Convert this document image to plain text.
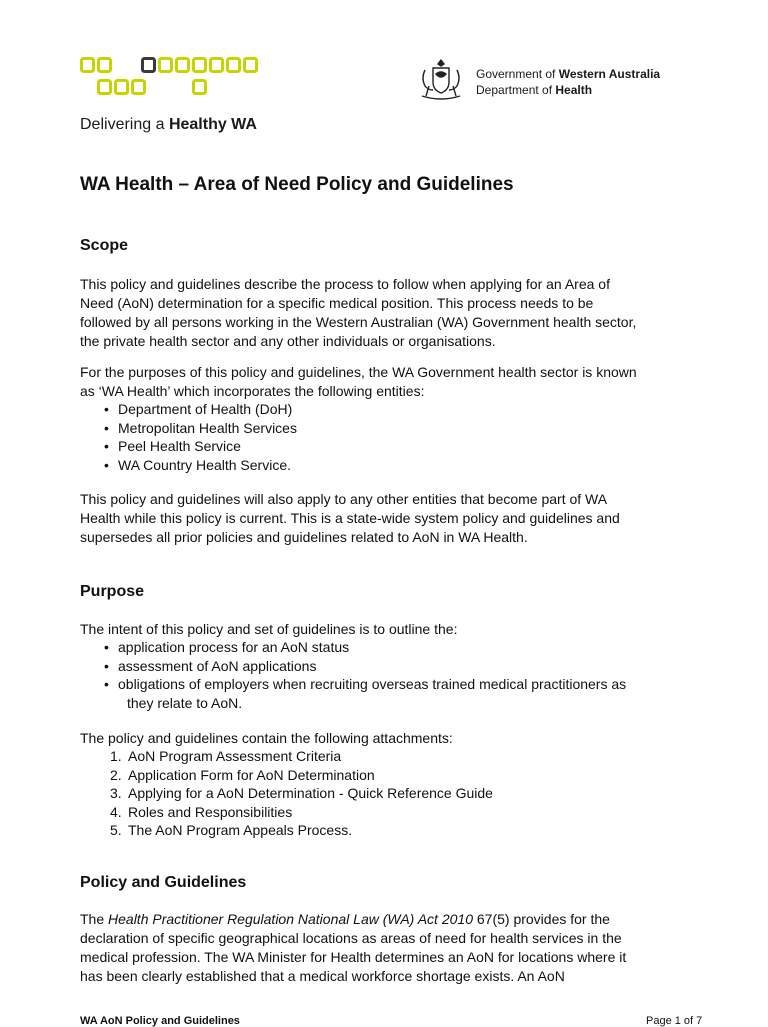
Delivering a Healthy WA
Government of Western Australia
Department of Health
WA Health – Area of Need Policy and Guidelines
Scope
This policy and guidelines describe the process to follow when applying for an Area of
Need (AoN) determination for a specific medical position. This process needs to be
followed by all persons working in the Western Australian (WA) Government health sector,
the private health sector and any other individuals or organisations.
For the purposes of this policy and guidelines, the WA Government health sector is known
as ‘WA Health’ which incorporates the following entities:
• Department of Health (DoH)
• Metropolitan Health Services
• Peel Health Service
• WA Country Health Service.
This policy and guidelines will also apply to any other entities that become part of WA
Health while this policy is current. This is a state-wide system policy and guidelines and
supersedes all prior policies and guidelines related to AoN in WA Health.
Purpose
The intent of this policy and set of guidelines is to outline the:
• application process for an AoN status
• assessment of AoN applications
• obligations of employers when recruiting overseas trained medical practitioners as
they relate to AoN.
The policy and guidelines contain the following attachments:
1. AoN Program Assessment Criteria
2. Application Form for AoN Determination
3. Applying for a AoN Determination - Quick Reference Guide
4. Roles and Responsibilities
5. The AoN Program Appeals Process.
Policy and Guidelines
The Health Practitioner Regulation National Law (WA) Act 2010 67(5) provides for the
declaration of specific geographical locations as areas of need for health services in the
medical profession. The WA Minister for Health determines an AoN for locations where it
has been clearly established that a medical workforce shortage exists. An AoN
WA AoN Policy and Guidelines	Page 1 of 7
